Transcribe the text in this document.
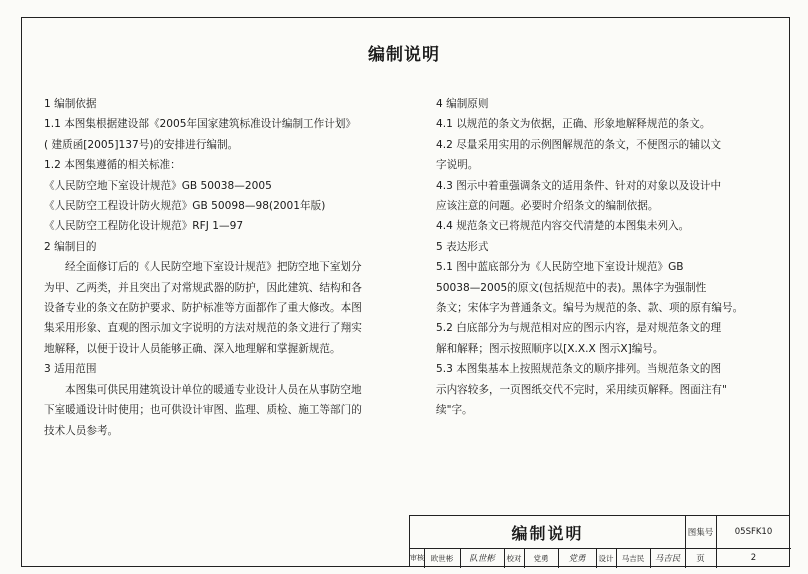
编制说明

1 编制依据

1.1 本图集根据建设部《2005年国家建筑标准设计编制工作计划》

( 建质函[2005]137号)的安排进行编制。

1.2 本图集遵循的相关标准：

《人民防空地下室设计规范》GB 50038—2005

《人民防空工程设计防火规范》GB 50098—98(2001年版)

《人民防空工程防化设计规范》RFJ 1—97

2 编制目的

经全面修订后的《人民防空地下室设计规范》把防空地下室划分

为甲、乙两类，并且突出了对常规武器的防护，因此建筑、结构和各

设备专业的条文在防护要求、防护标准等方面都作了重大修改。本图

集采用形象、直观的图示加文字说明的方法对规范的条文进行了翔实

地解释，以便于设计人员能够正确、深入地理解和掌握新规范。

3 适用范围

本图集可供民用建筑设计单位的暖通专业设计人员在从事防空地

下室暖通设计时使用；也可供设计审图、监理、质检、施工等部门的

技术人员参考。

4 编制原则

4.1 以规范的条文为依据，正确、形象地解释规范的条文。

4.2 尽量采用实用的示例图解规范的条文，不便图示的辅以文

字说明。

4.3 图示中着重强调条文的适用条件、针对的对象以及设计中

应该注意的问题。必要时介绍条文的编制依据。

4.4 规范条文已将规范内容交代清楚的本图集未列入。

5 表达形式

5.1 图中蓝底部分为《人民防空地下室设计规范》GB

50038—2005的原文(包括规范中的表)。黑体字为强制性

条文；宋体字为普通条文。编号为规范的条、款、项的原有编号。

5.2 白底部分为与规范相对应的图示内容，是对规范条文的理

解和解释；图示按照顺序以[X.X.X 图示X]编号。

5.3 本图集基本上按照规范条文的顺序排列。当规范条文的图

示内容较多，一页图纸交代不完时，采用续页解释。图面注有"

续"字。

编制说明	图集号	05SFK10
审核 欧世彬	队世彬	校对	党勇	党勇	设计	马吉民	马吉民	页	2
